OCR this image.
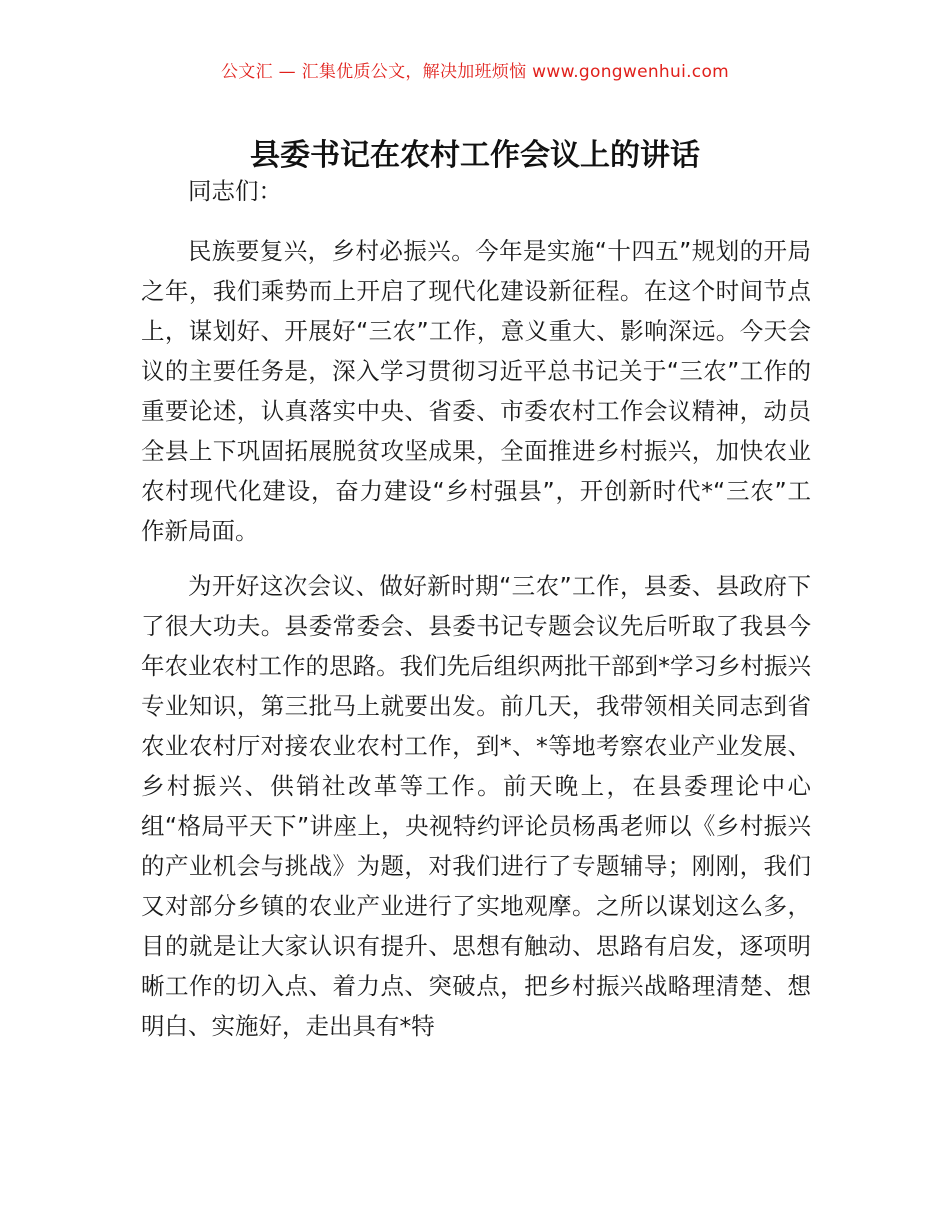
公文汇 — 汇集优质公文，解决加班烦恼 www.gongwenhui.com
县委书记在农村工作会议上的讲话

同志们：

民族要复兴，乡村必振兴。今年是实施“十四五”规划的开局之年，我们乘势而上开启了现代化建设新征程。在这个时间节点上，谋划好、开展好“三农”工作，意义重大、影响深远。今天会议的主要任务是，深入学习贯彻习近平总书记关于“三农”工作的重要论述，认真落实中央、省委、市委农村工作会议精神，动员全县上下巩固拓展脱贫攻坚成果，全面推进乡村振兴，加快农业农村现代化建设，奋力建设“乡村强县”，开创新时代*“三农”工作新局面。

为开好这次会议、做好新时期“三农”工作，县委、县政府下了很大功夫。县委常委会、县委书记专题会议先后听取了我县今年农业农村工作的思路。我们先后组织两批干部到*学习乡村振兴专业知识，第三批马上就要出发。前几天，我带领相关同志到省农业农村厅对接农业农村工作，到*、*等地考察农业产业发展、乡村振兴、供销社改革等工作。前天晚上，在县委理论中心组“格局平天下”讲座上，央视特约评论员杨禹老师以《乡村振兴的产业机会与挑战》为题，对我们进行了专题辅导；刚刚，我们又对部分乡镇的农业产业进行了实地观摩。之所以谋划这么多，目的就是让大家认识有提升、思想有触动、思路有启发，逐项明晰工作的切入点、着力点、突破点，把乡村振兴战略理清楚、想明白、实施好，走出具有*特
